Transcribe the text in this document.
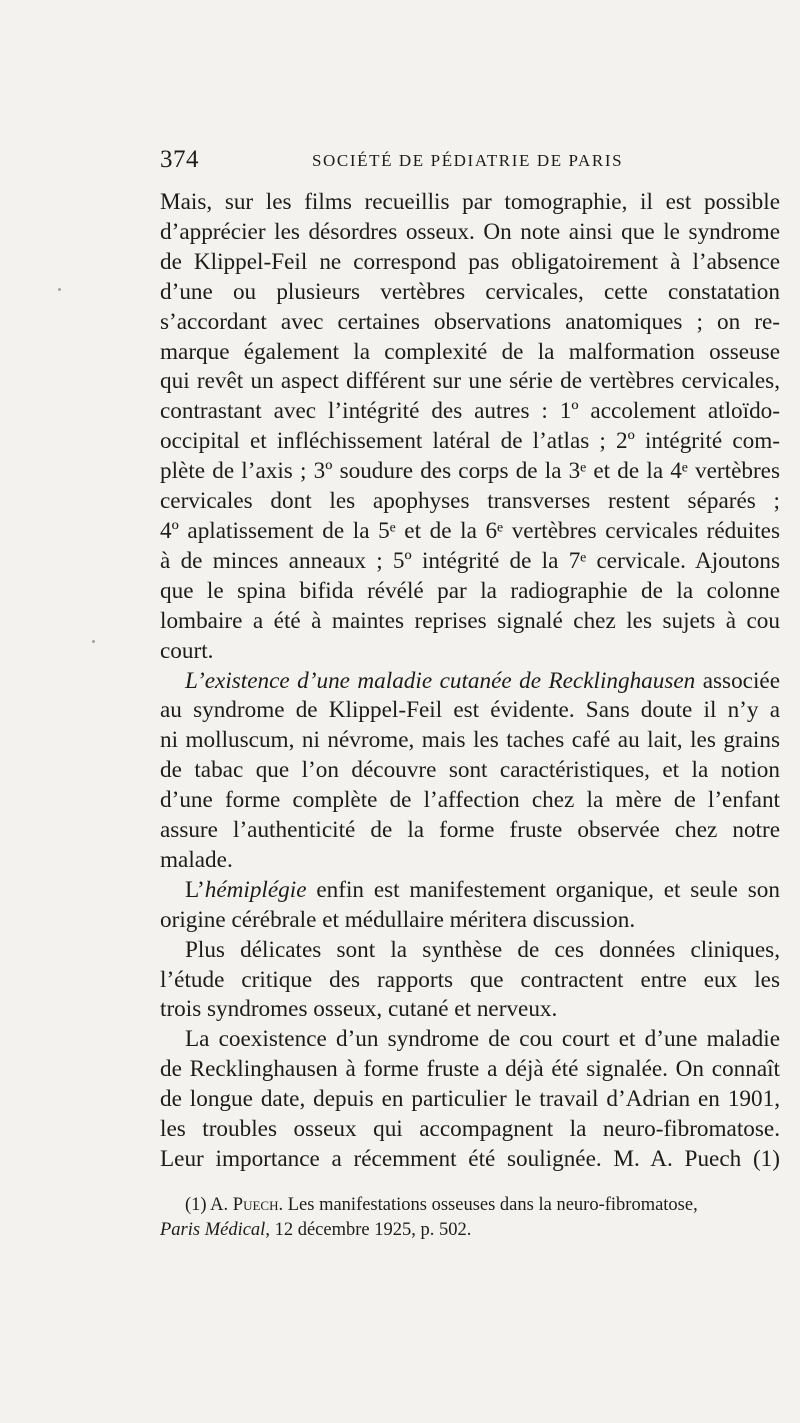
374	SOCIÉTÉ DE PÉDIATRIE DE PARIS
Mais, sur les films recueillis par tomographie, il est possible
d’apprécier les désordres osseux. On note ainsi que le syndrome
de Klippel-Feil ne correspond pas obligatoirement à l’absence
d’une ou plusieurs vertèbres cervicales, cette constatation
s’accordant avec certaines observations anatomiques ; on re-
marque également la complexité de la malformation osseuse
qui revêt un aspect différent sur une série de vertèbres cervicales,
contrastant avec l’intégrité des autres : 1º accolement atloïdo-
occipital et infléchissement latéral de l’atlas ; 2º intégrité com-
plète de l’axis ; 3º soudure des corps de la 3ᵉ et de la 4ᵉ vertèbres
cervicales dont les apophyses transverses restent séparés ;
4º aplatissement de la 5ᵉ et de la 6ᵉ vertèbres cervicales réduites
à de minces anneaux ; 5º intégrité de la 7ᵉ cervicale. Ajoutons
que le spina bifida révélé par la radiographie de la colonne
lombaire a été à maintes reprises signalé chez les sujets à cou
court.
L’existence d’une maladie cutanée de Recklinghausen associée
au syndrome de Klippel-Feil est évidente. Sans doute il n’y a
ni molluscum, ni névrome, mais les taches café au lait, les grains
de tabac que l’on découvre sont caractéristiques, et la notion
d’une forme complète de l’affection chez la mère de l’enfant
assure l’authenticité de la forme fruste observée chez notre
malade.
L’hémiplégie enfin est manifestement organique, et seule son
origine cérébrale et médullaire méritera discussion.
Plus délicates sont la synthèse de ces données cliniques,
l’étude critique des rapports que contractent entre eux les
trois syndromes osseux, cutané et nerveux.
La coexistence d’un syndrome de cou court et d’une maladie
de Recklinghausen à forme fruste a déjà été signalée. On connaît
de longue date, depuis en particulier le travail d’Adrian en 1901,
les troubles osseux qui accompagnent la neuro-fibromatose.
Leur importance a récemment été soulignée. M. A. Puech (1)
(1) A. Puech. Les manifestations osseuses dans la neuro-fibromatose,
Paris Médical, 12 décembre 1925, p. 502.
